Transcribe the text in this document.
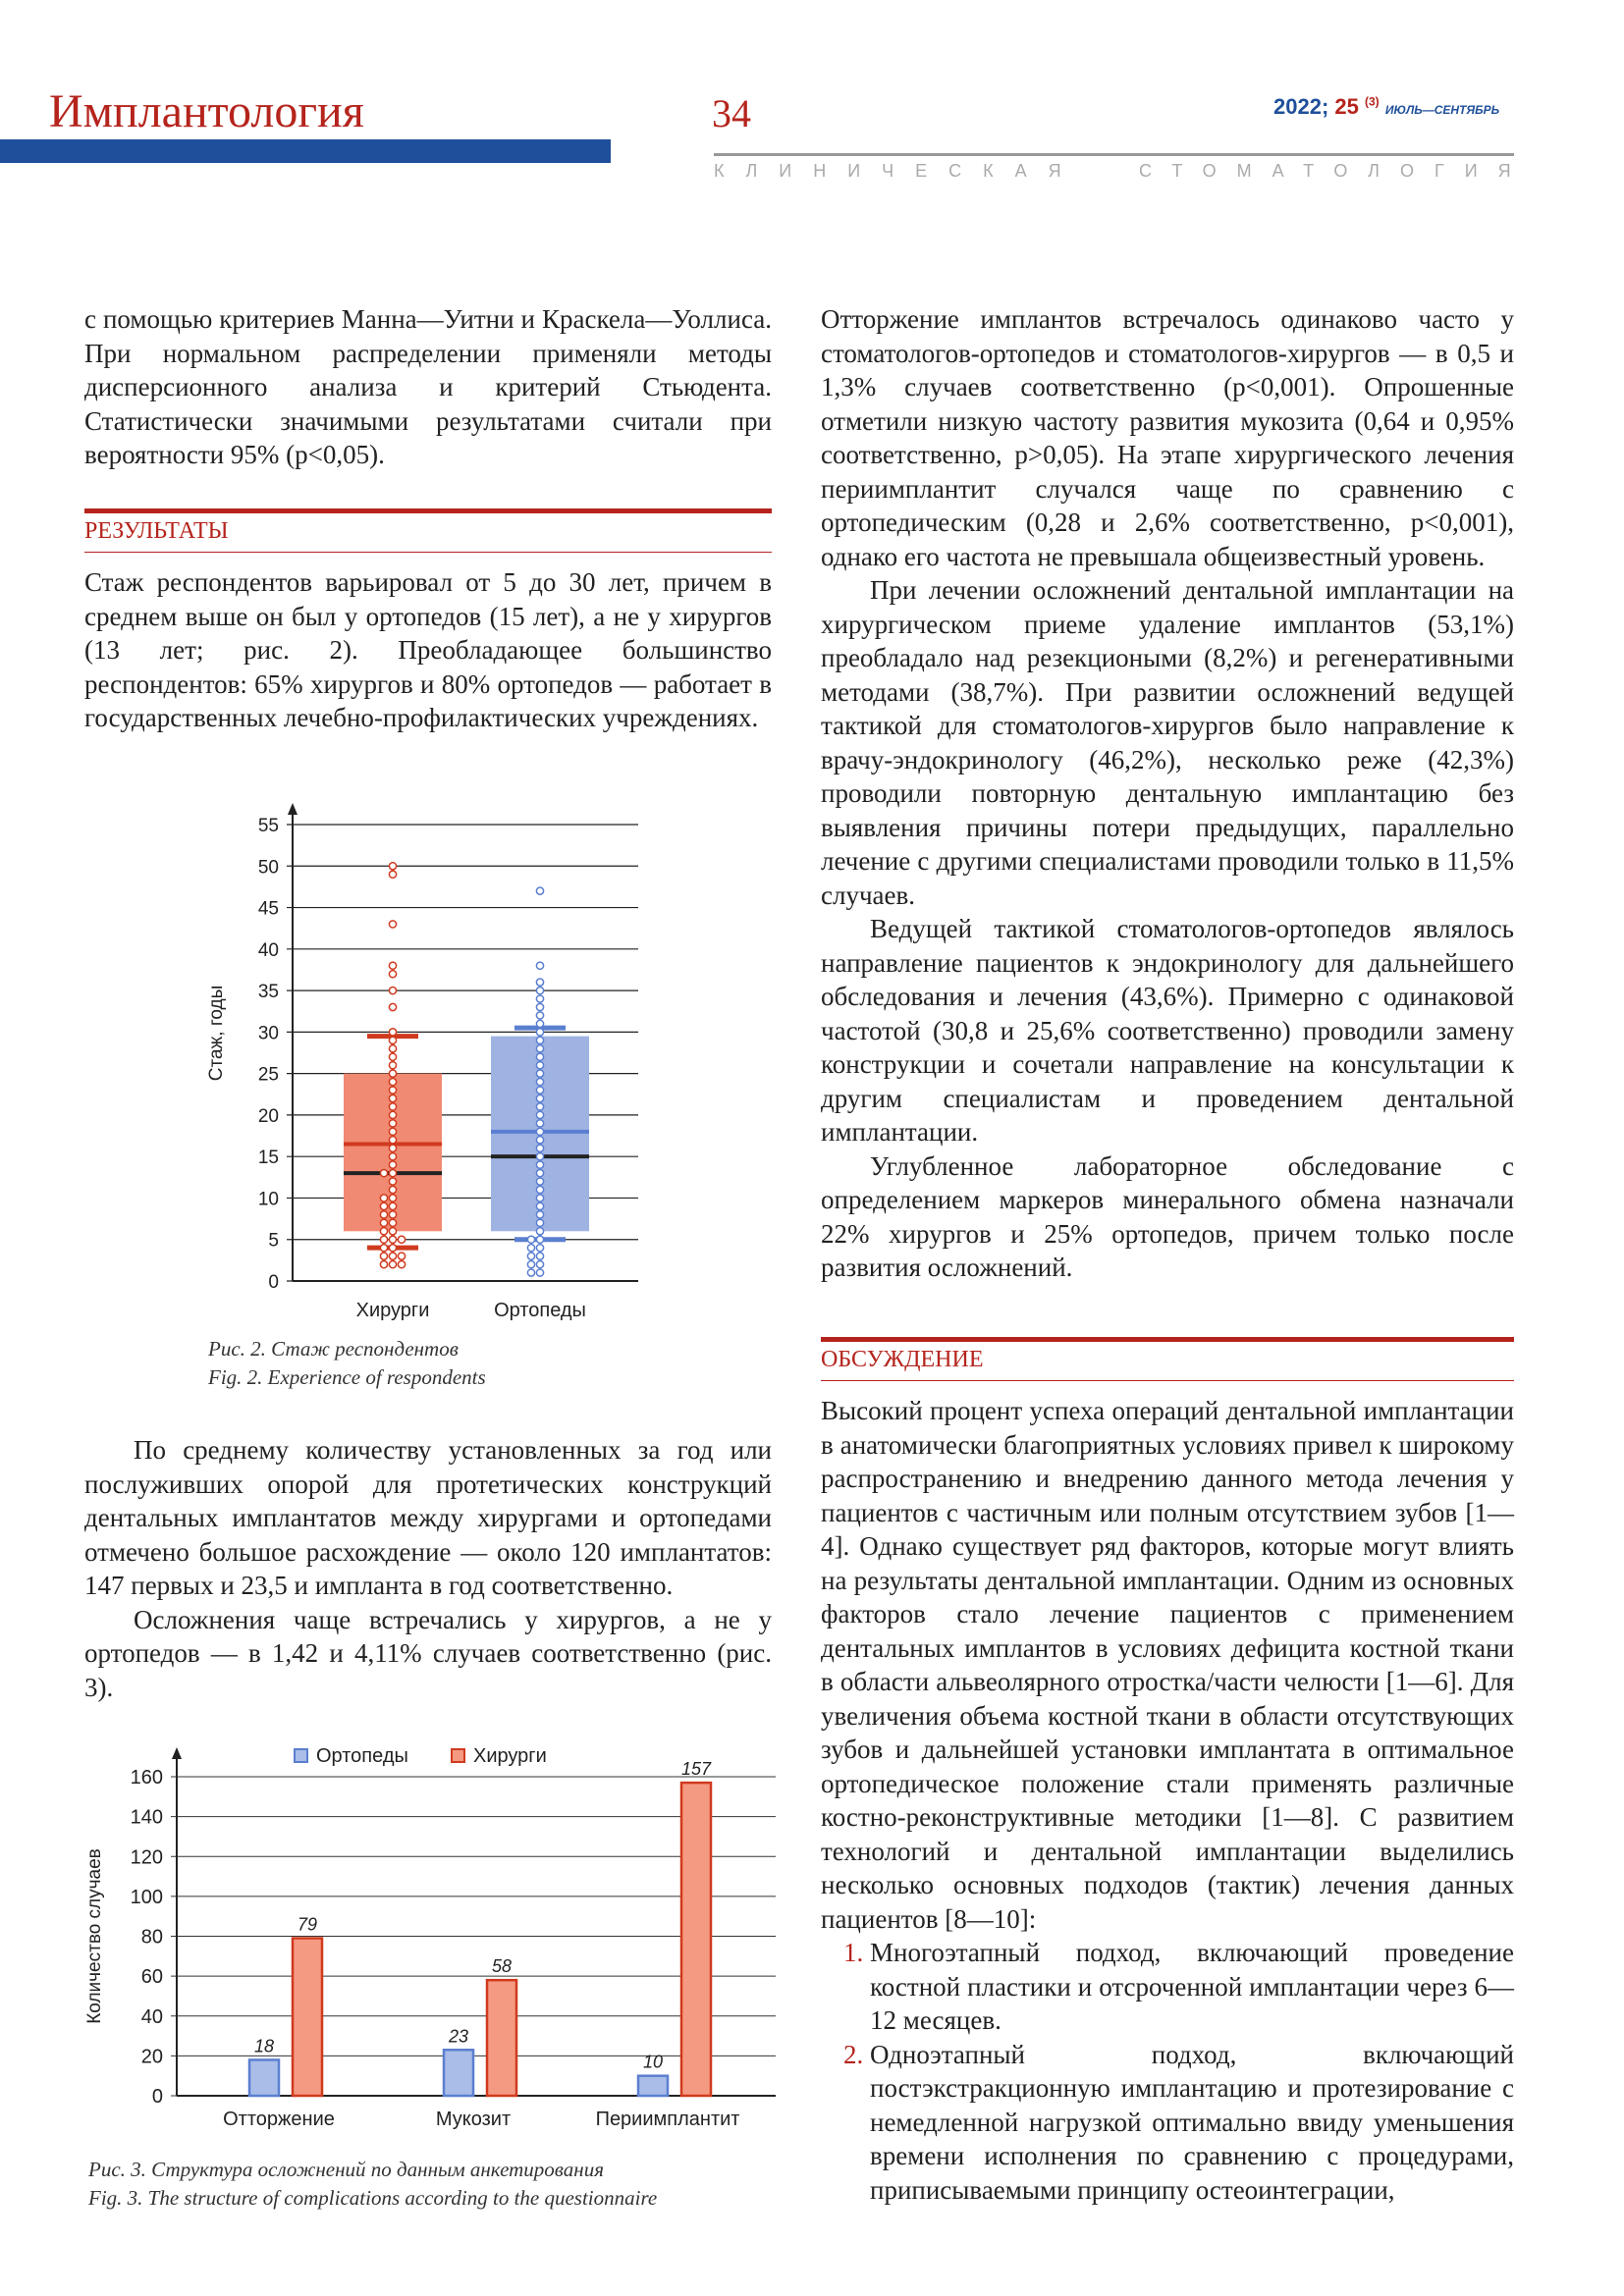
Имплантология	34	2022; 25 $^{(3)}$ ИЮЛЬ—СЕНТЯБРЬ
КЛИНИЧЕСКАЯ	СТОМАТОЛОГИЯ

с помощью критериев Манна—Уитни и Краскела—Уоллиса. При нормальном распределении применяли методы дисперсионного анализа и критерий Стьюдента. Статистически значимыми результатами считали при вероятности 95% (p<0,05).

РЕЗУЛЬТАТЫ

Стаж респондентов варьировал от 5 до 30 лет, причем в среднем выше он был у ортопедов (15 лет), а не у хирургов (13 лет; рис. 2). Преобладающее большинство респондентов: 65% хирургов и 80% ортопедов — работает в государственных лечебно-профилактических учреждениях.

0
5
10
15
20
25
30
35
40
45
50
55
Стаж, годы
Хирурги	Ортопеды
Рис. 2. Стаж респондентов
Fig. 2. Experience of respondents

По среднему количеству установленных за год или послуживших опорой для протетических конструкций дентальных имплантатов между хирургами и ортопедами отмечено большое расхождение — около 120 имплантатов: 147 первых и 23,5 и импланта в год соответственно.

Осложнения чаще встречались у хирургов, а не у ортопедов — в 1,42 и 4,11% случаев соответственно (рис. 3).

0
20
40
60
80
100
120
140
160
Количество случаев
Ортопеды	Хирурги
18
79
Отторжение
23
58
Мукозит
10
157
Периимплантит
Рис. 3. Структура осложнений по данным анкетирования
Fig. 3. The structure of complications according to the questionnaire

Отторжение имплантов встречалось одинаково часто у стоматологов-ортопедов и стоматологов-хирургов — в 0,5 и 1,3% случаев соответственно (p<0,001). Опрошенные отметили низкую частоту развития мукозита (0,64 и 0,95% соответственно, p>0,05). На этапе хирургического лечения периимплантит случался чаще по сравнению с ортопедическим (0,28 и 2,6% соответственно, p<0,001), однако его частота не превышала общеизвестный уровень.

При лечении осложнений дентальной имплантации на хирургическом приеме удаление имплантов (53,1%) преобладало над резекциоными (8,2%) и регенеративными методами (38,7%). При развитии осложнений ведущей тактикой для стоматологов-хирургов было направление к врачу-эндокринологу (46,2%), несколько реже (42,3%) проводили повторную дентальную имплантацию без выявления причины потери предыдущих, параллельно лечение с другими специалистами проводили только в 11,5% случаев.

Ведущей тактикой стоматологов-ортопедов являлось направление пациентов к эндокринологу для дальнейшего обследования и лечения (43,6%). Примерно с одинаковой частотой (30,8 и 25,6% соответственно) проводили замену конструкции и сочетали направление на консультации к другим специалистам и проведением дентальной имплантации.

Углубленное лабораторное обследование с определением маркеров минерального обмена назначали 22% хирургов и 25% ортопедов, причем только после развития осложнений.

ОБСУЖДЕНИЕ

Высокий процент успеха операций дентальной имплантации в анатомически благоприятных условиях привел к широкому распространению и внедрению данного метода лечения у пациентов с частичным или полным отсутствием зубов [1—4]. Однако существует ряд факторов, которые могут влиять на результаты дентальной имплантации. Одним из основных факторов стало лечение пациентов с применением дентальных имплантов в условиях дефицита костной ткани в области альвеолярного отростка/части челюсти [1—6]. Для увеличения объема костной ткани в области отсутствующих зубов и дальнейшей установки имплантата в оптимальное ортопедическое положение стали применять различные костно-реконструктивные методики [1—8]. С развитием технологий и дентальной имплантации выделились несколько основных подходов (тактик) лечения данных пациентов [8—10]:

1. Многоэтапный подход, включающий проведение костной пластики и отсроченной имплантации через 6—12 месяцев.
2. Одноэтапный подход, включающий постэкстракционную имплантацию и протезирование с немедленной нагрузкой оптимально ввиду уменьшения времени исполнения по сравнению с процедурами, приписываемыми принципу остеоинтеграции,
